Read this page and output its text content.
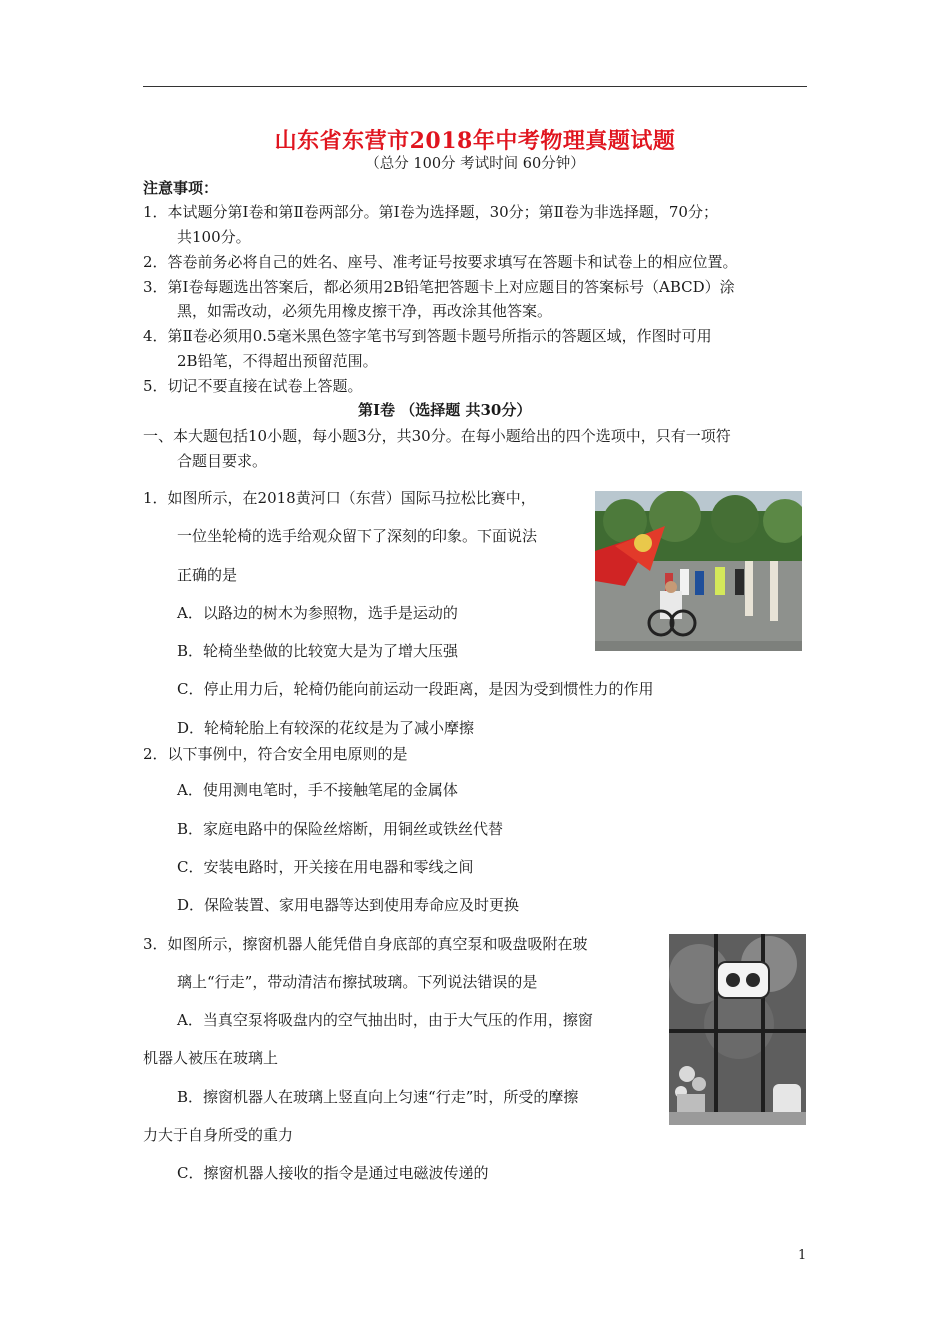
山东省东营市2018年中考物理真题试题
（总分 100分 考试时间 60分钟）
注意事项：
1．本试题分第Ⅰ卷和第Ⅱ卷两部分。第Ⅰ卷为选择题，30分；第Ⅱ卷为非选择题，70分；
共100分。
2．答卷前务必将自己的姓名、座号、准考证号按要求填写在答题卡和试卷上的相应位置。
3．第Ⅰ卷每题选出答案后，都必须用2B铅笔把答题卡上对应题目的答案标号（ABCD）涂
黑，如需改动，必须先用橡皮擦干净，再改涂其他答案。
4．第Ⅱ卷必须用0.5毫米黑色签字笔书写到答题卡题号所指示的答题区域，作图时可用
2B铅笔，不得超出预留范围。
5．切记不要直接在试卷上答题。
第Ⅰ卷 （选择题 共30分）
一、本大题包括10小题，每小题3分，共30分。在每小题给出的四个选项中，只有一项符
合题目要求。
1．如图所示，在2018黄河口（东营）国际马拉松比赛中，
一位坐轮椅的选手给观众留下了深刻的印象。下面说法
正确的是
A．以路边的树木为参照物，选手是运动的
B．轮椅坐垫做的比较宽大是为了增大压强
C．停止用力后，轮椅仍能向前运动一段距离，是因为受到惯性力的作用
D．轮椅轮胎上有较深的花纹是为了减小摩擦
2．以下事例中，符合安全用电原则的是
A．使用测电笔时，手不接触笔尾的金属体
B．家庭电路中的保险丝熔断，用铜丝或铁丝代替
C．安装电路时，开关接在用电器和零线之间
D．保险装置、家用电器等达到使用寿命应及时更换
3．如图所示，擦窗机器人能凭借自身底部的真空泵和吸盘吸附在玻
璃上“行走”，带动清洁布擦拭玻璃。下列说法错误的是
A．当真空泵将吸盘内的空气抽出时，由于大气压的作用，擦窗
机器人被压在玻璃上
B．擦窗机器人在玻璃上竖直向上匀速“行走”时，所受的摩擦
力大于自身所受的重力
C．擦窗机器人接收的指令是通过电磁波传递的
1
